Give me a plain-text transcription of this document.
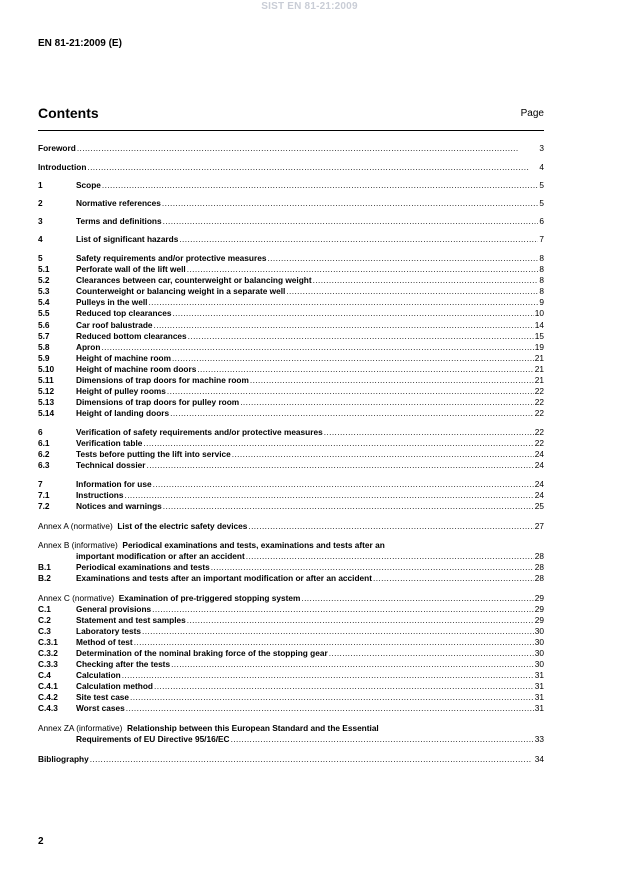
SIST EN 81-21:2009
EN 81-21:2009 (E)
Contents	Page
Foreword . . .	3
Introduction . . .	4
1	Scope . . .	5
2	Normative references . . .	5
3	Terms and definitions . . .	6
4	List of significant hazards . . .	7
5	Safety requirements and/or protective measures . . .	8
5.1	Perforate wall of the lift well . . .	8
5.2	Clearances between car, counterweight or balancing weight . . .	8
5.3	Counterweight or balancing weight in a separate well . . .	8
5.4	Pulleys in the well . . .	9
5.5	Reduced top clearances . . .	10
5.6	Car roof balustrade . . .	14
5.7	Reduced bottom clearances . . .	15
5.8	Apron . . .	19
5.9	Height of machine room . . .	21
5.10	Height of machine room doors . . .	21
5.11	Dimensions of trap doors for machine room . . .	21
5.12	Height of pulley rooms . . .	22
5.13	Dimensions of trap doors for pulley room . . .	22
5.14	Height of landing doors . . .	22
6	Verification of safety requirements and/or protective measures . . .	22
6.1	Verification table . . .	22
6.2	Tests before putting the lift into service . . .	24
6.3	Technical dossier . . .	24
7	Information for use . . .	24
7.1	Instructions . . .	24
7.2	Notices and warnings . . .	25
Annex A (normative) List of the electric safety devices . . .	27
Annex B (informative) Periodical examinations and tests, examinations and tests after an
important modification or after an accident . . .	28
B.1	Periodical examinations and tests . . .	28
B.2	Examinations and tests after an important modification or after an accident . . .	28
Annex C (normative) Examination of pre-triggered stopping system . . .	29
C.1	General provisions . . .	29
C.2	Statement and test samples . . .	29
C.3	Laboratory tests . . .	30
C.3.1	Method of test . . .	30
C.3.2	Determination of the nominal braking force of the stopping gear . . .	30
C.3.3	Checking after the tests . . .	30
C.4	Calculation . . .	31
C.4.1	Calculation method . . .	31
C.4.2	Site test case . . .	31
C.4.3	Worst cases . . .	31
Annex ZA (informative) Relationship between this European Standard and the Essential
Requirements of EU Directive 95/16/EC . . .	33
Bibliography . . .	34
2
